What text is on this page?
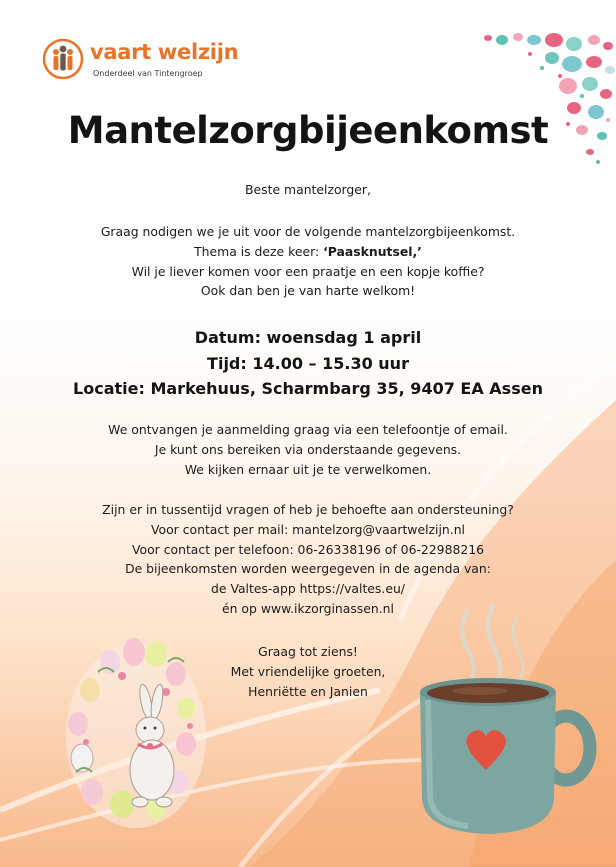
vaart welzijn
Onderdeel van Tintengroep
Mantelzorgbijeenkomst
Beste mantelzorger,
Graag nodigen we je uit voor de volgende mantelzorgbijeenkomst.
Thema is deze keer: ‘Paasknutsel,’
Wil je liever komen voor een praatje en een kopje koffie?
Ook dan ben je van harte welkom!
Datum: woensdag 1 april
Tijd: 14.00 – 15.30 uur
Locatie: Markehuus, Scharmbarg 35, 9407 EA Assen
We ontvangen je aanmelding graag via een telefoontje of email.
Je kunt ons bereiken via onderstaande gegevens.
We kijken ernaar uit je te verwelkomen.
Zijn er in tussentijd vragen of heb je behoefte aan ondersteuning?
Voor contact per mail: mantelzorg@vaartwelzijn.nl
Voor contact per telefoon: 06-26338196 of 06-22988216
De bijeenkomsten worden weergegeven in de agenda van:
de Valtes-app https://valtes.eu/
én op www.ikzorginassen.nl
Graag tot ziens!
Met vriendelijke groeten,
Henriëtte en Janien
